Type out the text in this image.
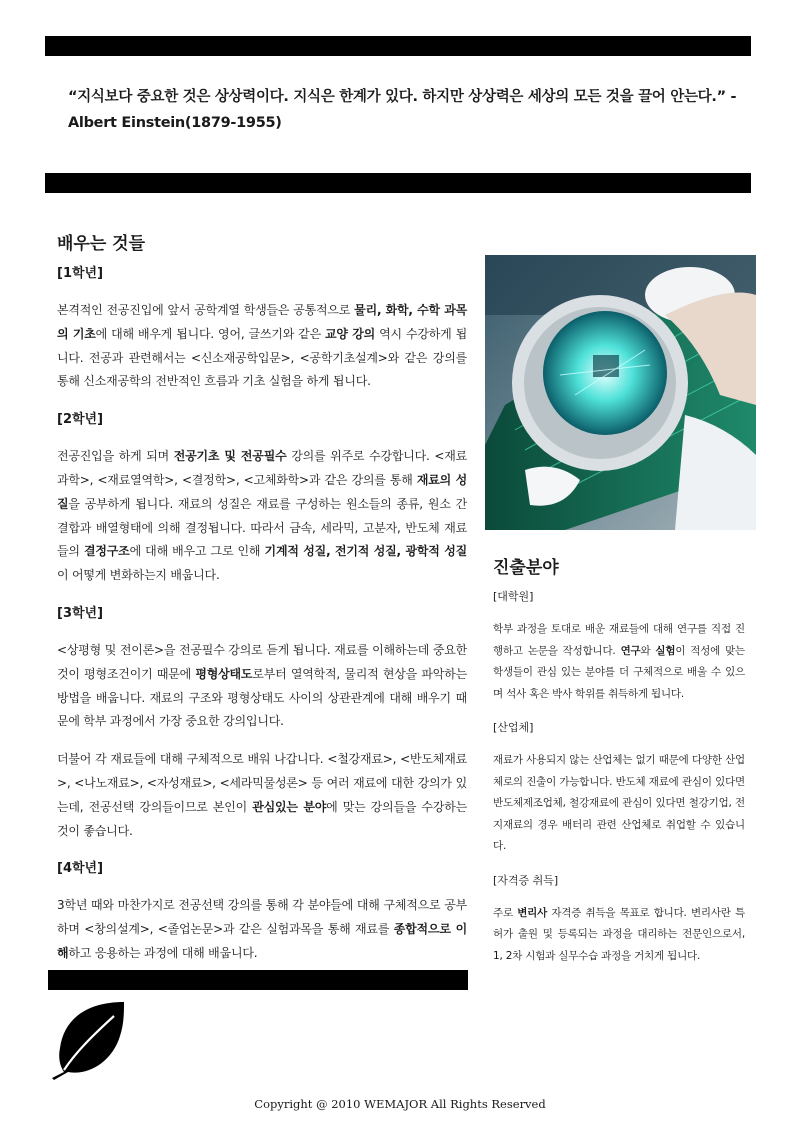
“지식보다 중요한 것은 상상력이다. 지식은 한계가 있다. 하지만 상상력은 세상의 모든 것을 끌어 안는다.” - Albert Einstein(1879-1955)
배우는 것들
[1학년]

본격적인 전공진입에 앞서 공학계열 학생들은 공통적으로 물리, 화학, 수학 과목의 기초에 대해 배우게 됩니다. 영어, 글쓰기와 같은 교양 강의 역시 수강하게 됩니다. 전공과 관련해서는 <신소재공학입문>, <공학기초설계>와 같은 강의를 통해 신소재공학의 전반적인 흐름과 기초 실험을 하게 됩니다.

[2학년]

전공진입을 하게 되며 전공기초 및 전공필수 강의를 위주로 수강합니다. <재료과학>, <재료열역학>, <결정학>, <고체화학>과 같은 강의를 통해 재료의 성질을 공부하게 됩니다. 재료의 성질은 재료를 구성하는 원소들의 종류, 원소 간 결합과 배열형태에 의해 결정됩니다. 따라서 금속, 세라믹, 고분자, 반도체 재료들의 결정구조에 대해 배우고 그로 인해 기계적 성질, 전기적 성질, 광학적 성질이 어떻게 변화하는지 배웁니다.

[3학년]

<상평형 및 전이론>을 전공필수 강의로 듣게 됩니다. 재료를 이해하는데 중요한 것이 평형조건이기 때문에 평형상태도로부터 열역학적, 물리적 현상을 파악하는 방법을 배웁니다. 재료의 구조와 평형상태도 사이의 상관관계에 대해 배우기 때문에 학부 과정에서 가장 중요한 강의입니다.

더불어 각 재료들에 대해 구체적으로 배워 나갑니다. <철강재료>, <반도체재료>, <나노재료>, <자성재료>, <세라믹물성론> 등 여러 재료에 대한 강의가 있는데, 전공선택 강의들이므로 본인이 관심있는 분야에 맞는 강의들을 수강하는 것이 좋습니다.

[4학년]

3학년 때와 마찬가지로 전공선택 강의를 통해 각 분야들에 대해 구체적으로 공부하며 <창의설계>, <졸업논문>과 같은 실험과목을 통해 재료를 종합적으로 이해하고 응용하는 과정에 대해 배웁니다.

진출분야
[대학원]

학부 과정을 토대로 배운 재료들에 대해 연구를 직접 진행하고 논문을 작성합니다. 연구와 실험이 적성에 맞는 학생들이 관심 있는 분야를 더 구체적으로 배울 수 있으며 석사 혹은 박사 학위를 취득하게 됩니다.

[산업체]

재료가 사용되지 않는 산업체는 없기 때문에 다양한 산업체로의 진출이 가능합니다. 반도체 재료에 관심이 있다면 반도체제조업체, 철강재료에 관심이 있다면 철강기업, 전지재료의 경우 배터리 관련 산업체로 취업할 수 있습니다.

[자격증 취득]

주로 변리사 자격증 취득을 목표로 합니다. 변리사란 특허가 출원 및 등록되는 과정을 대리하는 전문인으로서, 1, 2차 시험과 실무수습 과정을 거치게 됩니다.

Copyright @ 2010 WEMAJOR All Rights Reserved
